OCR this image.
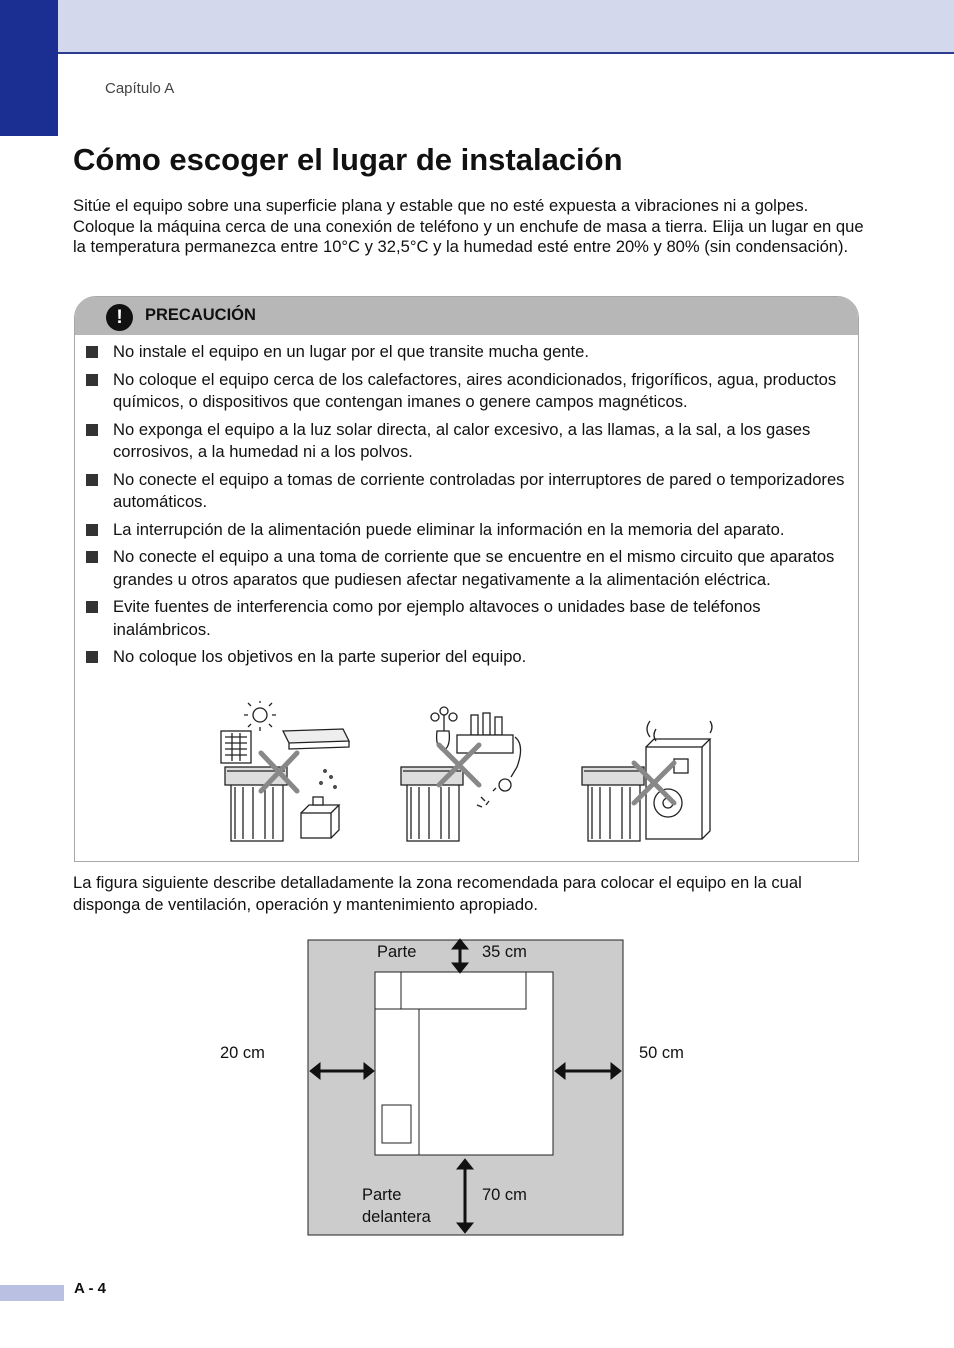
Capítulo A
Cómo escoger el lugar de instalación

Sitúe el equipo sobre una superficie plana y estable que no esté expuesta a vibraciones ni a golpes. Coloque la máquina cerca de una conexión de teléfono y un enchufe de masa a tierra. Elija un lugar en que la temperatura permanezca entre 10°C y 32,5°C y la humedad esté entre 20% y 80% (sin condensación).

!	PRECAUCIÓN
No instale el equipo en un lugar por el que transite mucha gente.
No coloque el equipo cerca de los calefactores, aires acondicionados, frigoríficos, agua, productos químicos, o dispositivos que contengan imanes o genere campos magnéticos.
No exponga el equipo a la luz solar directa, al calor excesivo, a las llamas, a la sal, a los gases corrosivos, a la humedad ni a los polvos.
No conecte el equipo a tomas de corriente controladas por interruptores de pared o temporizadores automáticos.
La interrupción de la alimentación puede eliminar la información en la memoria del aparato.
No conecte el equipo a una toma de corriente que se encuentre en el mismo circuito que aparatos grandes u otros aparatos que pudiesen afectar negativamente a la alimentación eléctrica.
Evite fuentes de interferencia como por ejemplo altavoces o unidades base de teléfonos inalámbricos.
No coloque los objetivos en la parte superior del equipo.

La figura siguiente describe detalladamente la zona recomendada para colocar el equipo en la cual disponga de ventilación, operación y mantenimiento apropiado.

Parte	35 cm
20 cm	50 cm
Parte
delantera
70 cm
A - 4
